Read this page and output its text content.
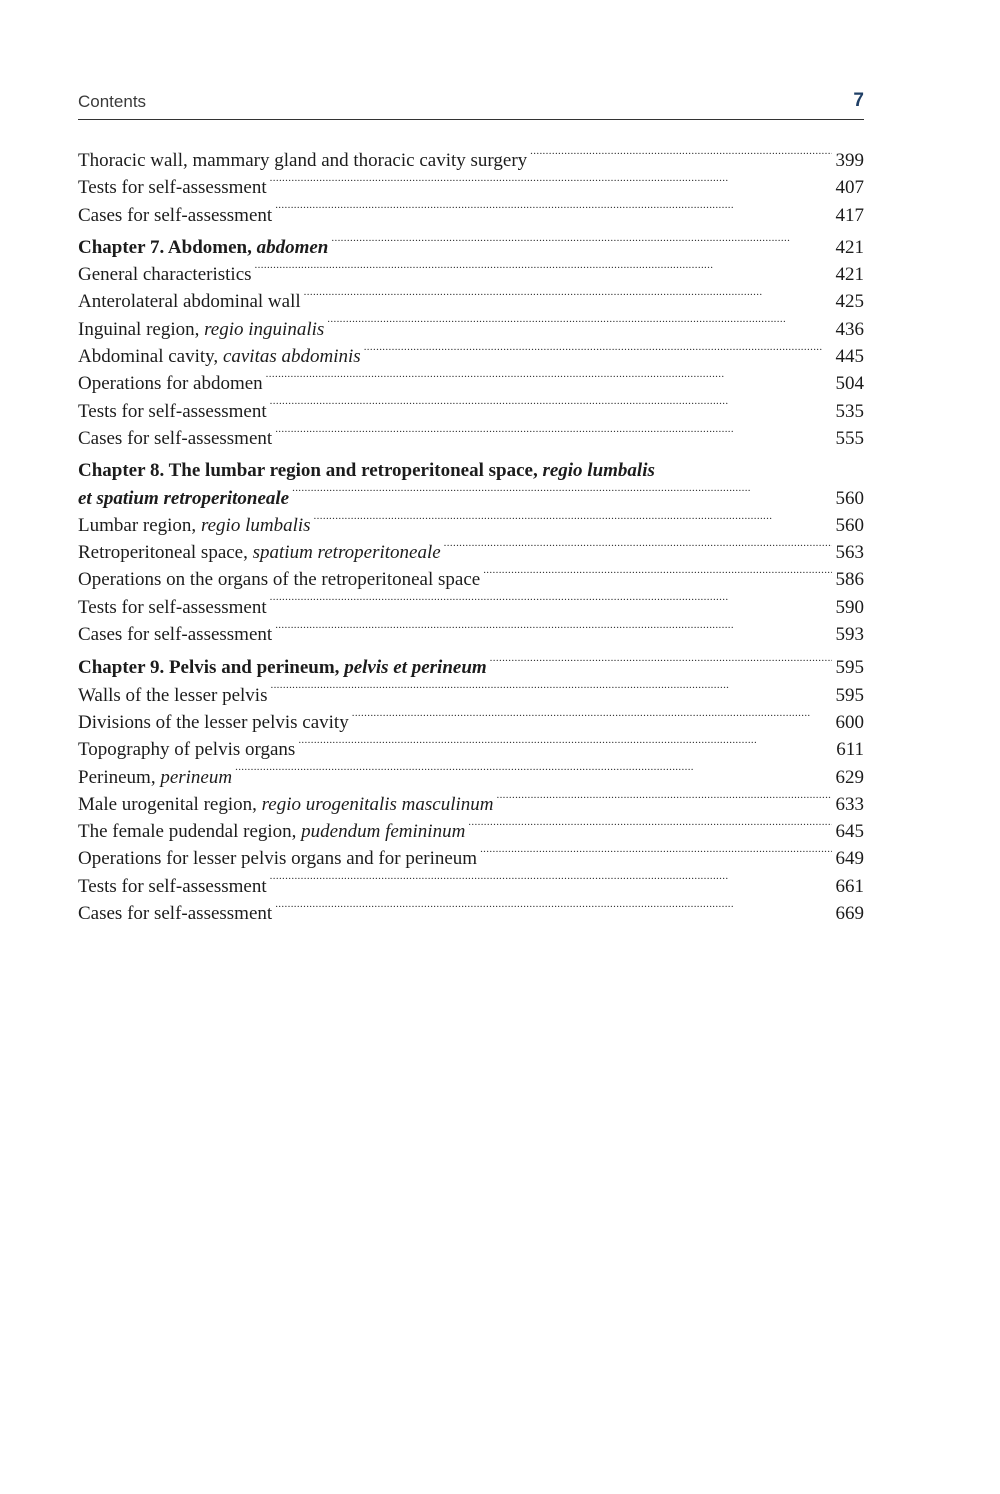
Contents	7
Thoracic wall, mammary gland and thoracic cavity surgery . . .	399
Tests for self-assessment . . .	407
Cases for self-assessment . . .	417
Chapter 7. Abdomen, abdomen . . .	421
General characteristics . . .	421
Anterolateral abdominal wall . . .	425
Inguinal region, regio inguinalis . . .	436
Abdominal cavity, cavitas abdominis . . .	445
Operations for abdomen . . .	504
Tests for self-assessment . . .	535
Cases for self-assessment . . .	555
Chapter 8. The lumbar region and retroperitoneal space, regio lumbalis
et spatium retroperitoneale . . .	560
Lumbar region, regio lumbalis . . .	560
Retroperitoneal space, spatium retroperitoneale . . .	563
Operations on the organs of the retroperitoneal space . . .	586
Tests for self-assessment . . .	590
Cases for self-assessment . . .	593
Chapter 9. Pelvis and perineum, pelvis et perineum . . .	595
Walls of the lesser pelvis . . .	595
Divisions of the lesser pelvis cavity . . .	600
Topography of pelvis organs . . .	611
Perineum, perineum . . .	629
Male urogenital region, regio urogenitalis masculinum . . .	633
The female pudendal region, pudendum femininum . . .	645
Operations for lesser pelvis organs and for perineum . . .	649
Tests for self-assessment . . .	661
Cases for self-assessment . . .	669
